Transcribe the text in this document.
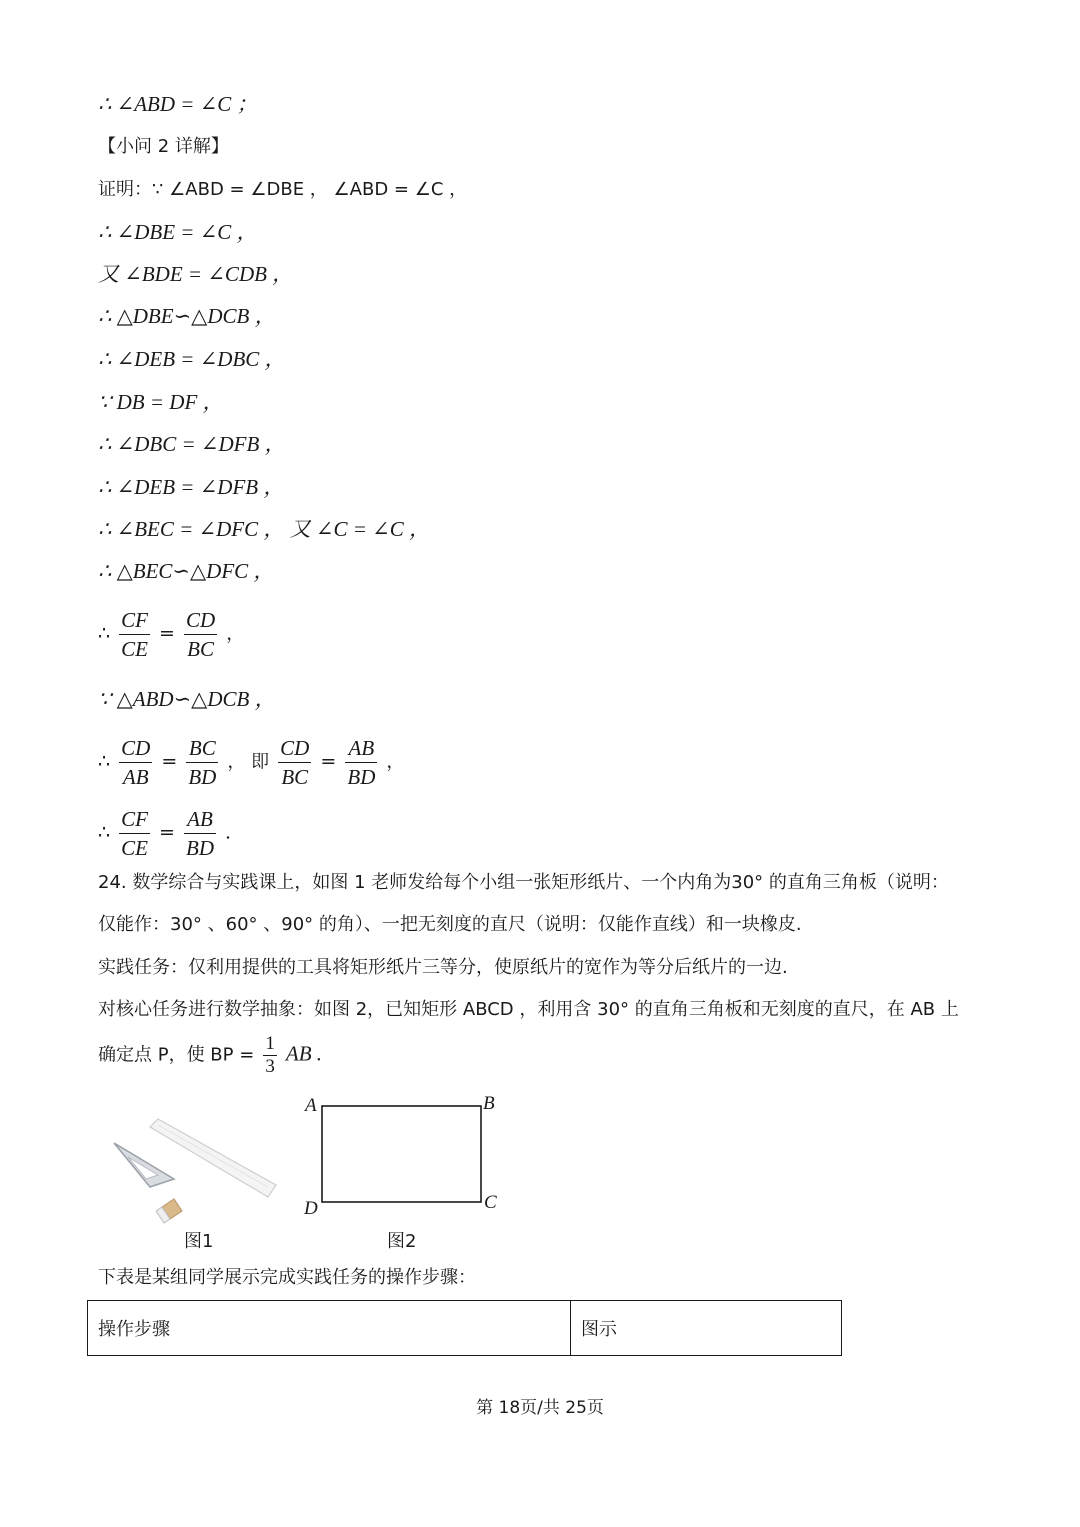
∴ ∠ABD = ∠C ；
【小问 2 详解】
证明：∵ ∠ABD = ∠DBE ， ∠ABD = ∠C ，
∴ ∠DBE = ∠C ，
又 ∠BDE = ∠CDB ，
∴ △DBE∽△DCB ，
∴ ∠DEB = ∠DBC ，
∵ DB = DF ，
∴ ∠DBC = ∠DFB ，
∴ ∠DEB = ∠DFB ，
∴ ∠BEC = ∠DFC ， 又 ∠C = ∠C ，
∴ △BEC∽△DFC ，
∴ $\frac{CF}{CE} = \frac{CD}{BC}$ ，
∵ △ABD∽△DCB ，
∴ $\frac{CD}{AB} = \frac{BC}{BD}$ ， 即 $\frac{CD}{BC} = \frac{AB}{BD}$ ，
∴ $\frac{CF}{CE} = \frac{AB}{BD}$ .
24. 数学综合与实践课上，如图 1 老师发给每个小组一张矩形纸片、一个内角为30° 的直角三角板（说明：
仅能作：30° 、60° 、90° 的角）、一把无刻度的直尺（说明：仅能作直线）和一块橡皮.
实践任务：仅利用提供的工具将矩形纸片三等分，使原纸片的宽作为等分后纸片的一边.
对核心任务进行数学抽象：如图 2，已知矩形 ABCD ，利用含 30° 的直角三角板和无刻度的直尺，在 AB 上
确定点 P，使 BP = $\frac{1}{3}$ AB .
A	B
C
D
图1	图2
下表是某组同学展示完成实践任务的操作步骤：
操作步骤	图示
第 18页/共 25页
